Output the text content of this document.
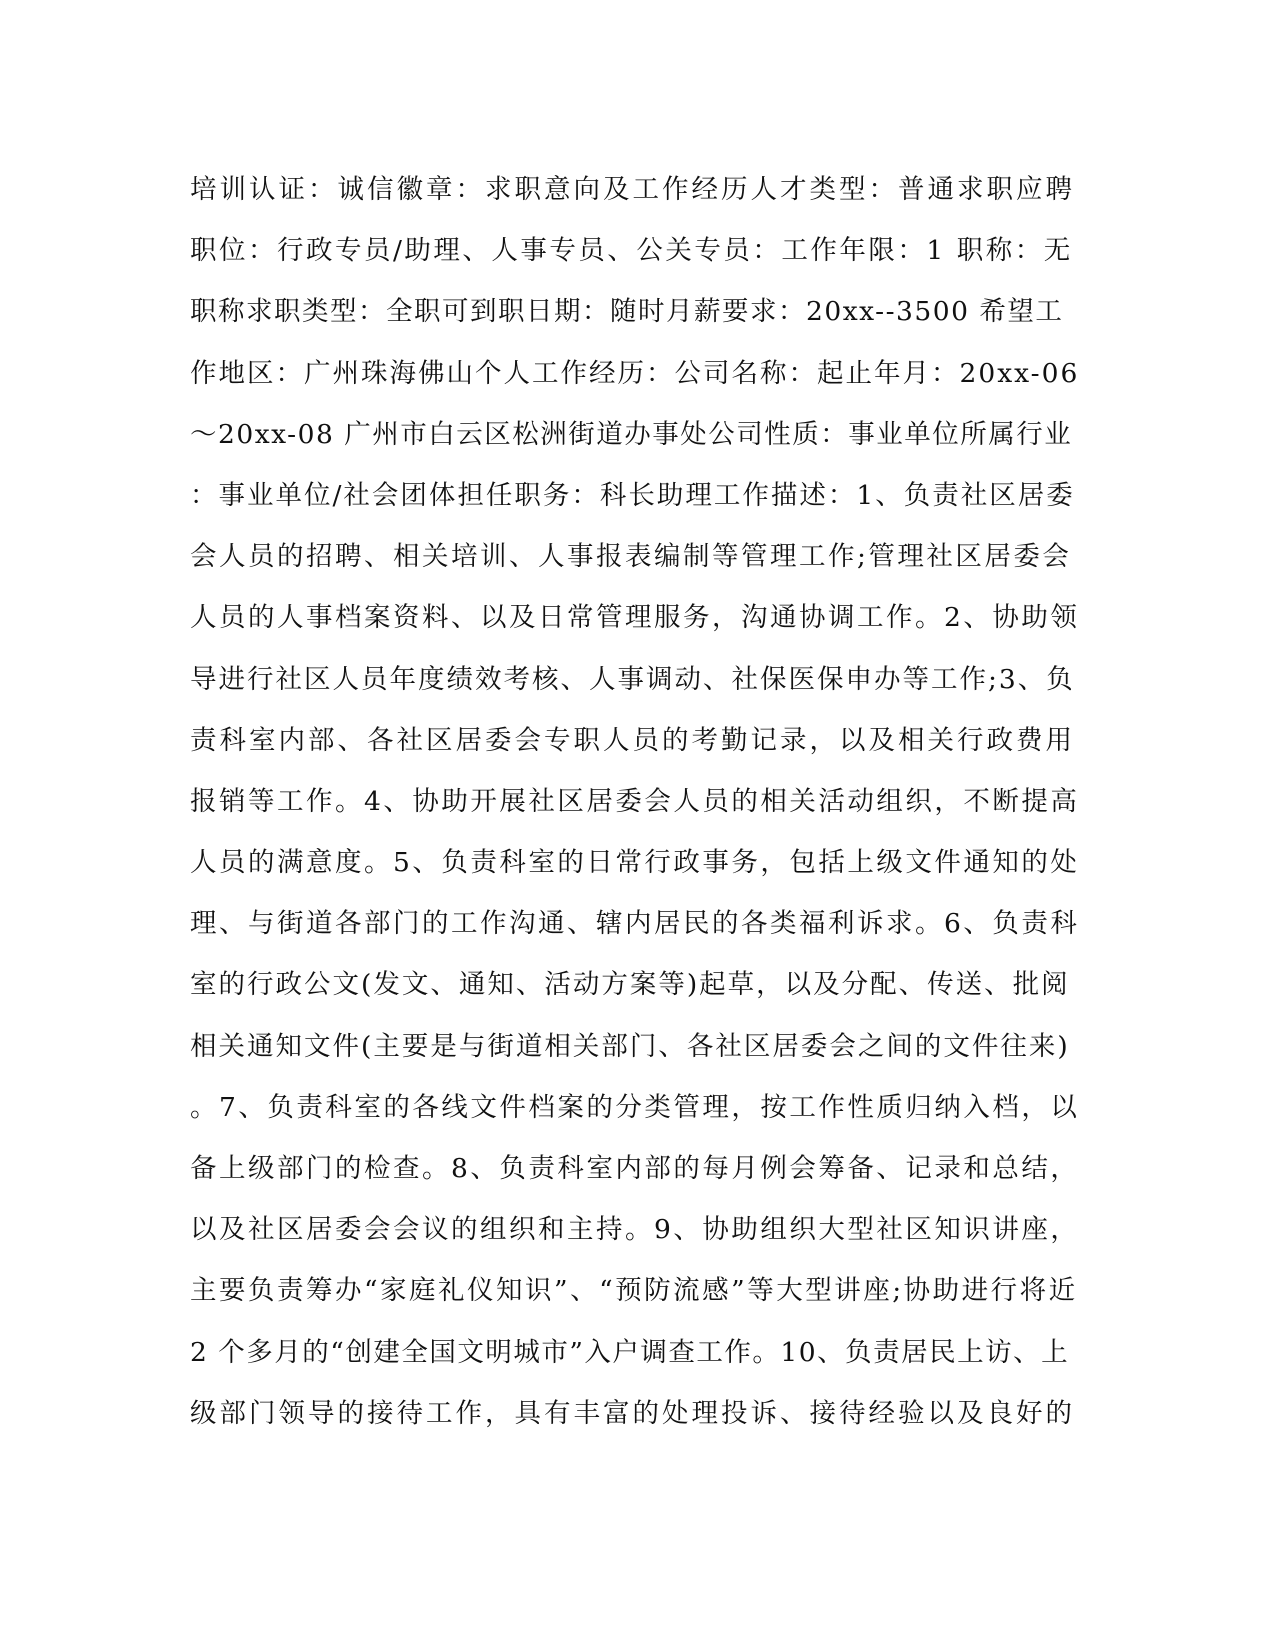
培训认证：诚信徽章：求职意向及工作经历人才类型：普通求职应聘
职位：行政专员/助理、人事专员、公关专员：工作年限：1 职称：无
职称求职类型：全职可到职日期：随时月薪要求：20xx--3500 希望工
作地区：广州珠海佛山个人工作经历：公司名称：起止年月：20xx-06
～20xx-08 广州市白云区松洲街道办事处公司性质：事业单位所属行业
：事业单位/社会团体担任职务：科长助理工作描述：1、负责社区居委
会人员的招聘、相关培训、人事报表编制等管理工作;管理社区居委会
人员的人事档案资料、以及日常管理服务，沟通协调工作。2、协助领
导进行社区人员年度绩效考核、人事调动、社保医保申办等工作;3、负
责科室内部、各社区居委会专职人员的考勤记录，以及相关行政费用
报销等工作。4、协助开展社区居委会人员的相关活动组织，不断提高
人员的满意度。5、负责科室的日常行政事务，包括上级文件通知的处
理、与街道各部门的工作沟通、辖内居民的各类福利诉求。6、负责科
室的行政公文(发文、通知、活动方案等)起草，以及分配、传送、批阅
相关通知文件(主要是与街道相关部门、各社区居委会之间的文件往来)
。7、负责科室的各线文件档案的分类管理，按工作性质归纳入档，以
备上级部门的检查。8、负责科室内部的每月例会筹备、记录和总结，
以及社区居委会会议的组织和主持。9、协助组织大型社区知识讲座，
主要负责筹办“家庭礼仪知识”、“预防流感”等大型讲座;协助进行将近
2 个多月的“创建全国文明城市”入户调查工作。10、负责居民上访、上
级部门领导的接待工作，具有丰富的处理投诉、接待经验以及良好的
